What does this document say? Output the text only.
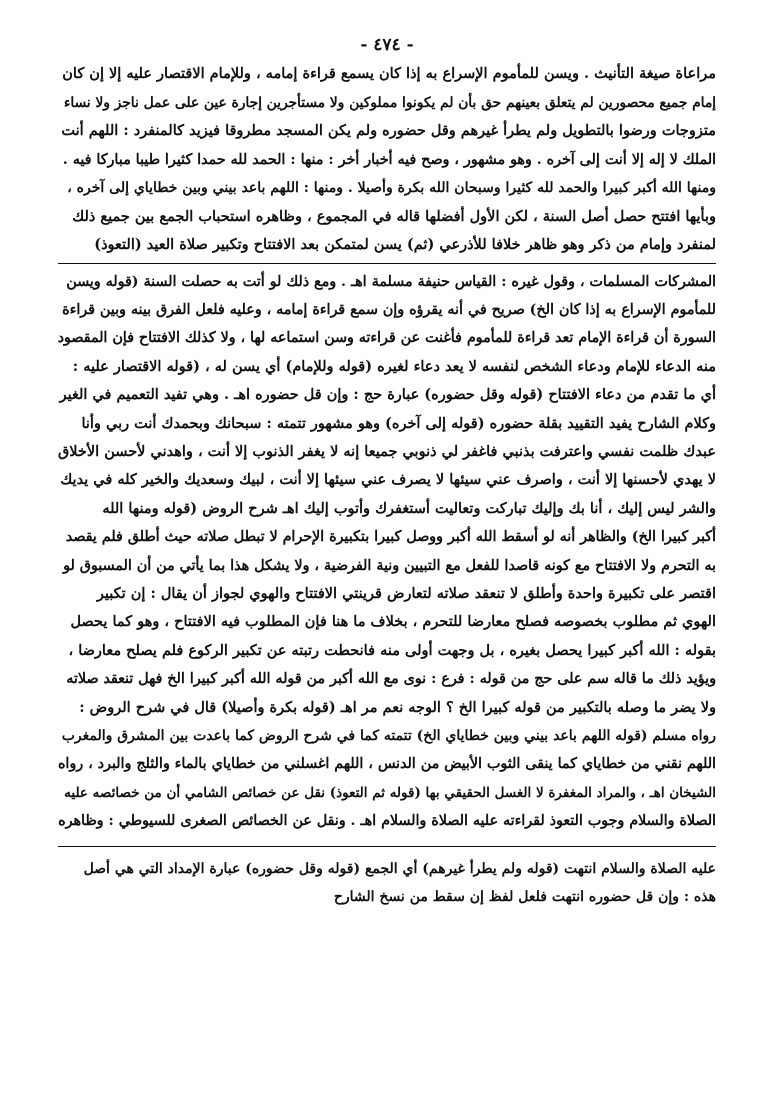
- ٤٧٤ -
مراعاة صيغة التأنيث . ويسن للمأموم الإسراع به إذا كان يسمع قراءة إمامه ، وللإمام الاقتصار عليه إلا إن كان
إمام جميع محصورين لم يتعلق بعينهم حق بأن لم يكونوا مملوكين ولا مستأجرين إجارة عين على عمل ناجز ولا نساء
متزوجات ورضوا بالتطويل ولم يطرأ غيرهم وقل حضوره ولم يكن المسجد مطروقا فيزيد كالمنفرد : اللهم أنت
الملك لا إله إلا أنت إلى آخره . وهو مشهور ، وصح فيه أخبار أخر : منها : الحمد لله حمدا كثيرا طيبا مباركا فيه .
ومنها الله أكبر كبيرا والحمد لله كثيرا وسبحان الله بكرة وأصيلا . ومنها : اللهم باعد بيني وبين خطاياي إلى آخره ،
وبأيها افتتح حصل أصل السنة ، لكن الأول أفضلها قاله في المجموع ، وظاهره استحباب الجمع بين جميع ذلك
لمنفرد وإمام من ذكر وهو ظاهر خلافا للأذرعي (ثم) يسن لمتمكن بعد الافتتاح وتكبير صلاة العيد (التعوذ)
المشركات المسلمات ، وقول غيره : القياس حنيفة مسلمة اهـ . ومع ذلك لو أتت به حصلت السنة (قوله ويسن
للمأموم الإسراع به إذا كان الخ) صريح في أنه يقرؤه وإن سمع قراءة إمامه ، وعليه فلعل الفرق بينه وبين قراءة
السورة أن قراءة الإمام تعد قراءة للمأموم فأغنت عن قراءته وسن استماعه لها ، ولا كذلك الافتتاح فإن المقصود
منه الدعاء للإمام ودعاء الشخص لنفسه لا يعد دعاء لغيره (قوله وللإمام) أي يسن له ، (قوله الاقتصار عليه :
أي ما تقدم من دعاء الافتتاح (قوله وقل حضوره) عبارة حج : وإن قل حضوره اهـ . وهي تفيد التعميم في الغير
وكلام الشارح يفيد التقييد بقلة حضوره (قوله إلى آخره) وهو مشهور تتمته : سبحانك وبحمدك أنت ربي وأنا
عبدك ظلمت نفسي واعترفت بذنبي فاغفر لي ذنوبي جميعا إنه لا يغفر الذنوب إلا أنت ، واهدني لأحسن الأخلاق
لا يهدي لأحسنها إلا أنت ، واصرف عني سيئها لا يصرف عني سيئها إلا أنت ، لبيك وسعديك والخير كله في يديك
والشر ليس إليك ، أنا بك وإليك تباركت وتعاليت أستغفرك وأتوب إليك اهـ شرح الروض (قوله ومنها الله
أكبر كبيرا الخ) والظاهر أنه لو أسقط الله أكبر ووصل كبيرا بتكبيرة الإحرام لا تبطل صلاته حيث أطلق فلم يقصد
به التحرم ولا الافتتاح مع كونه قاصدا للفعل مع التبيين ونية الفرضية ، ولا يشكل هذا بما يأتي من أن المسبوق لو
اقتصر على تكبيرة واحدة وأطلق لا تنعقد صلاته لتعارض قرينتي الافتتاح والهوي لجواز أن يقال : إن تكبير
الهوي ثم مطلوب بخصوصه فصلح معارضا للتحرم ، بخلاف ما هنا فإن المطلوب فيه الافتتاح ، وهو كما يحصل
بقوله : الله أكبر كبيرا يحصل بغيره ، بل وجهت أولى منه فانحطت رتبته عن تكبير الركوع فلم يصلح معارضا ،
ويؤيد ذلك ما قاله سم على حج من قوله : فرع : نوى مع الله أكبر من قوله الله أكبر كبيرا الخ فهل تنعقد صلاته
ولا يضر ما وصله بالتكبير من قوله كبيرا الخ ؟ الوجه نعم مر اهـ (قوله بكرة وأصيلا) قال في شرح الروض :
رواه مسلم (قوله اللهم باعد بيني وبين خطاياي الخ) تتمته كما في شرح الروض كما باعدت بين المشرق والمغرب
اللهم نقني من خطاياي كما ينقى الثوب الأبيض من الدنس ، اللهم اغسلني من خطاياي بالماء والثلج والبرد ، رواه
الشيخان اهـ ، والمراد المغفرة لا الغسل الحقيقي بها (قوله ثم التعوذ) نقل عن خصائص الشامي أن من خصائصه عليه
الصلاة والسلام وجوب التعوذ لقراءته عليه الصلاة والسلام اهـ . ونقل عن الخصائص الصغرى للسيوطي : وظاهره
عليه الصلاة والسلام انتهت (قوله ولم يطرأ غيرهم) أي الجمع (قوله وقل حضوره) عبارة الإمداد التي هي أصل
هذه : وإن قل حضوره انتهت فلعل لفظ إن سقط من نسخ الشارح
